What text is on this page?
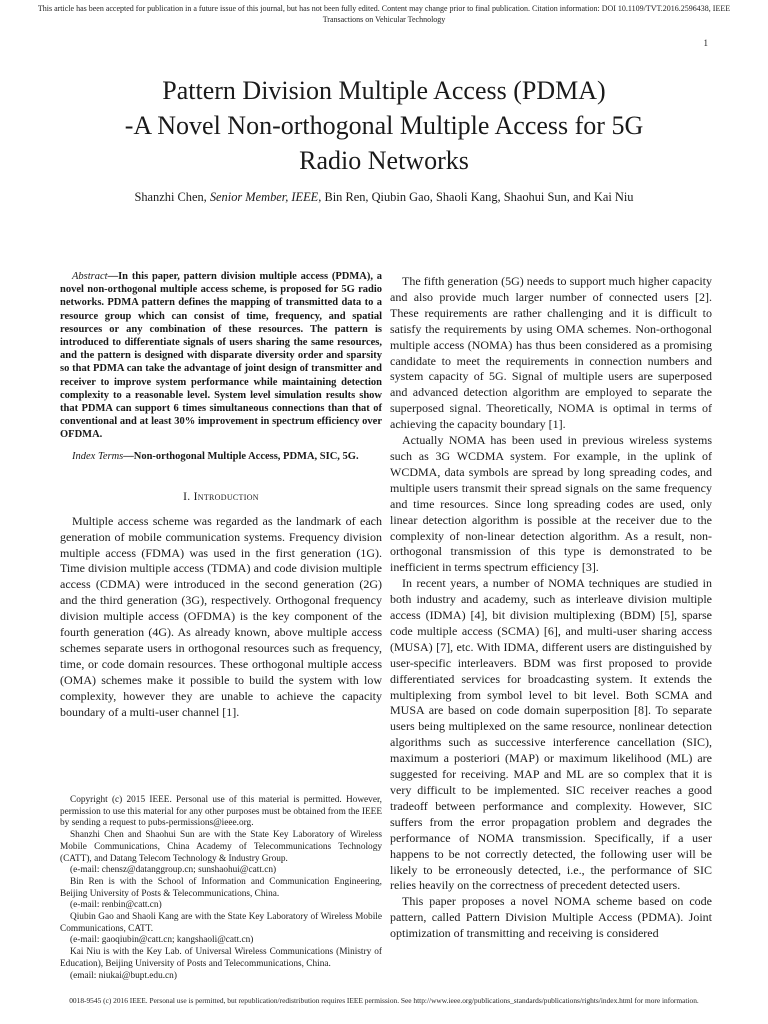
This article has been accepted for publication in a future issue of this journal, but has not been fully edited. Content may change prior to final publication. Citation information: DOI 10.1109/TVT.2016.2596438, IEEE
Transactions on Vehicular Technology
1
Pattern Division Multiple Access (PDMA)
-A Novel Non-orthogonal Multiple Access for 5G
Radio Networks
Shanzhi Chen, Senior Member, IEEE, Bin Ren, Qiubin Gao, Shaoli Kang, Shaohui Sun, and Kai Niu
Abstract—In this paper, pattern division multiple access (PDMA), a novel non-orthogonal multiple access scheme, is proposed for 5G radio networks. PDMA pattern defines the mapping of transmitted data to a resource group which can consist of time, frequency, and spatial resources or any combination of these resources. The pattern is introduced to differentiate signals of users sharing the same resources, and the pattern is designed with disparate diversity order and sparsity so that PDMA can take the advantage of joint design of transmitter and receiver to improve system performance while maintaining detection complexity to a reasonable level. System level simulation results show that PDMA can support 6 times simultaneous connections than that of conventional and at least 30% improvement in spectrum efficiency over OFDMA.
Index Terms—Non-orthogonal Multiple Access, PDMA, SIC, 5G.
I. Introduction

Multiple access scheme was regarded as the landmark of each generation of mobile communication systems. Frequency division multiple access (FDMA) was used in the first generation (1G). Time division multiple access (TDMA) and code division multiple access (CDMA) were introduced in the second generation (2G) and the third generation (3G), respectively. Orthogonal frequency division multiple access (OFDMA) is the key component of the fourth generation (4G). As already known, above multiple access schemes separate users in orthogonal resources such as frequency, time, or code domain resources. These orthogonal multiple access (OMA) schemes make it possible to build the system with low complexity, however they are unable to achieve the capacity boundary of a multi-user channel [1].

Copyright (c) 2015 IEEE. Personal use of this material is permitted. However, permission to use this material for any other purposes must be obtained from the IEEE by sending a request to pubs-permissions@ieee.org.

Shanzhi Chen and Shaohui Sun are with the State Key Laboratory of Wireless Mobile Communications, China Academy of Telecommunications Technology (CATT), and Datang Telecom Technology & Industry Group.

(e-mail: chensz@datanggroup.cn; sunshaohui@catt.cn)

Bin Ren is with the School of Information and Communication Engineering, Beijing University of Posts & Telecommunications, China.

(e-mail: renbin@catt.cn)

Qiubin Gao and Shaoli Kang are with the State Key Laboratory of Wireless Mobile Communications, CATT.

(e-mail: gaoqiubin@catt.cn; kangshaoli@catt.cn)

Kai Niu is with the Key Lab. of Universal Wireless Communications (Ministry of Education), Beijing University of Posts and Telecommunications, China.

(email: niukai@bupt.edu.cn)

The fifth generation (5G) needs to support much higher capacity and also provide much larger number of connected users [2]. These requirements are rather challenging and it is difficult to satisfy the requirements by using OMA schemes. Non-orthogonal multiple access (NOMA) has thus been considered as a promising candidate to meet the requirements in connection numbers and system capacity of 5G. Signal of multiple users are superposed and advanced detection algorithm are employed to separate the superposed signal. Theoretically, NOMA is optimal in terms of achieving the capacity boundary [1].

Actually NOMA has been used in previous wireless systems such as 3G WCDMA system. For example, in the uplink of WCDMA, data symbols are spread by long spreading codes, and multiple users transmit their spread signals on the same frequency and time resources. Since long spreading codes are used, only linear detection algorithm is possible at the receiver due to the complexity of non-linear detection algorithm. As a result, non-orthogonal transmission of this type is demonstrated to be inefficient in terms spectrum efficiency [3].

In recent years, a number of NOMA techniques are studied in both industry and academy, such as interleave division multiple access (IDMA) [4], bit division multiplexing (BDM) [5], sparse code multiple access (SCMA) [6], and multi-user sharing access (MUSA) [7], etc. With IDMA, different users are distinguished by user-specific interleavers. BDM was first proposed to provide differentiated services for broadcasting system. It extends the multiplexing from symbol level to bit level. Both SCMA and MUSA are based on code domain superposition [8]. To separate users being multiplexed on the same resource, nonlinear detection algorithms such as successive interference cancellation (SIC), maximum a posteriori (MAP) or maximum likelihood (ML) are suggested for receiving. MAP and ML are so complex that it is very difficult to be implemented. SIC receiver reaches a good tradeoff between performance and complexity. However, SIC suffers from the error propagation problem and degrades the performance of NOMA transmission. Specifically, if a user happens to be not correctly detected, the following user will be likely to be erroneously detected, i.e., the performance of SIC relies heavily on the correctness of precedent detected users.

This paper proposes a novel NOMA scheme based on code pattern, called Pattern Division Multiple Access (PDMA). Joint optimization of transmitting and receiving is considered

0018-9545 (c) 2016 IEEE. Personal use is permitted, but republication/redistribution requires IEEE permission. See http://www.ieee.org/publications_standards/publications/rights/index.html for more information.
